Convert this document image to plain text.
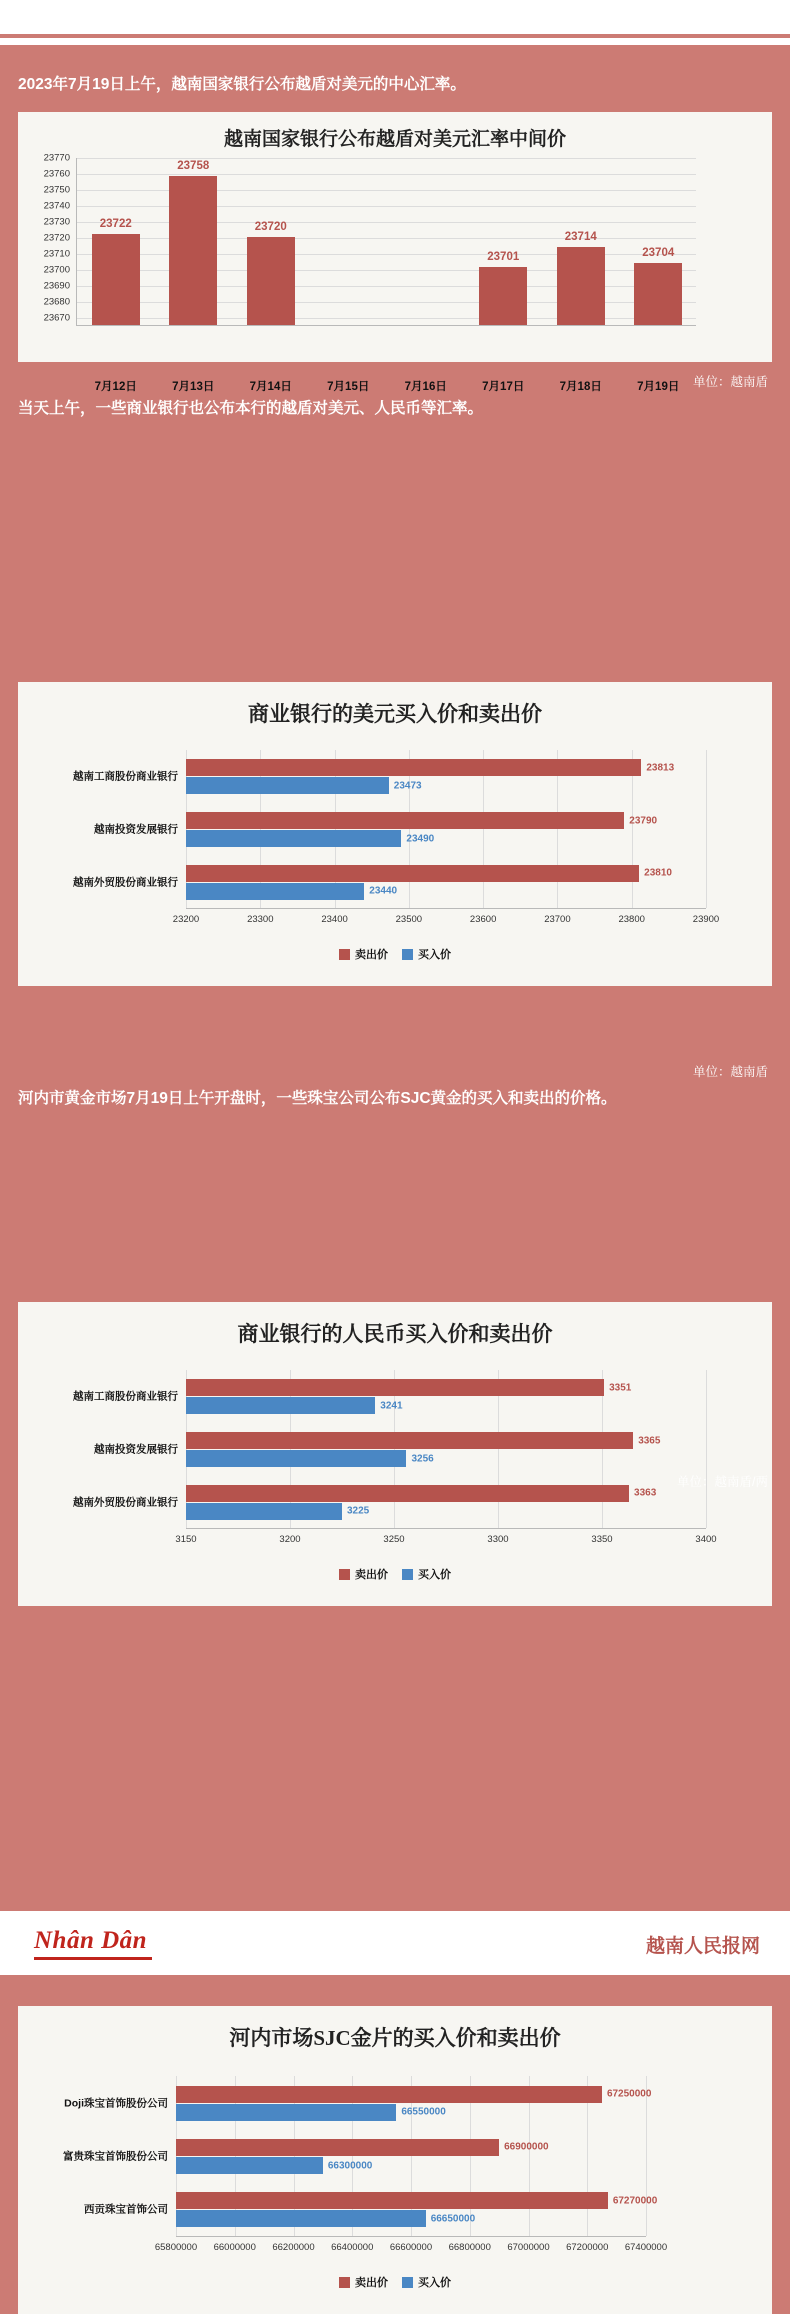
2023年7月19日上午，越南国家银行公布越盾对美元的中心汇率。
越南国家银行公布越盾对美元汇率中间价
23770
23760
23750
23740
23730
23720
23710
23700
23690
23680
23670
23722
7月12日
23758
7月13日
23720
7月14日	7月15日	7月16日
23701
7月17日
23714
7月18日
23704
7月19日 单位：越南盾
当天上午，一些商业银行也公布本行的越盾对美元、人民币等汇率。
商业银行的美元买入价和卖出价
卖出价	买入价
23200	23300	23400	23500	23600	23700	23800	23900
越南工商股份商业银行
23813
23473
越南投资发展银行
23790
23490
越南外贸股份商业银行
23810
23440
商业银行的人民币买入价和卖出价
卖出价	买入价
3150	3200	3250	3300	3350	3400
越南工商股份商业银行
3351
3241
越南投资发展银行
3365
3256
越南外贸股份商业银行
3363
3225
单位：越南盾
河内市黄金市场7月19日上午开盘时，一些珠宝公司公布SJC黄金的买入和卖出的价格。
河内市场SJC金片的买入价和卖出价
卖出价	买入价
65800000 66000000 66200000 66400000 66600000 66800000 67000000 67200000 67400000
Doji珠宝首饰股份公司
67250000
66550000
富贵珠宝首饰股份公司
66900000
66300000
西贡珠宝首饰公司
67270000
66650000
单位：越南盾/两
Nhân Dân	越南人民报网
